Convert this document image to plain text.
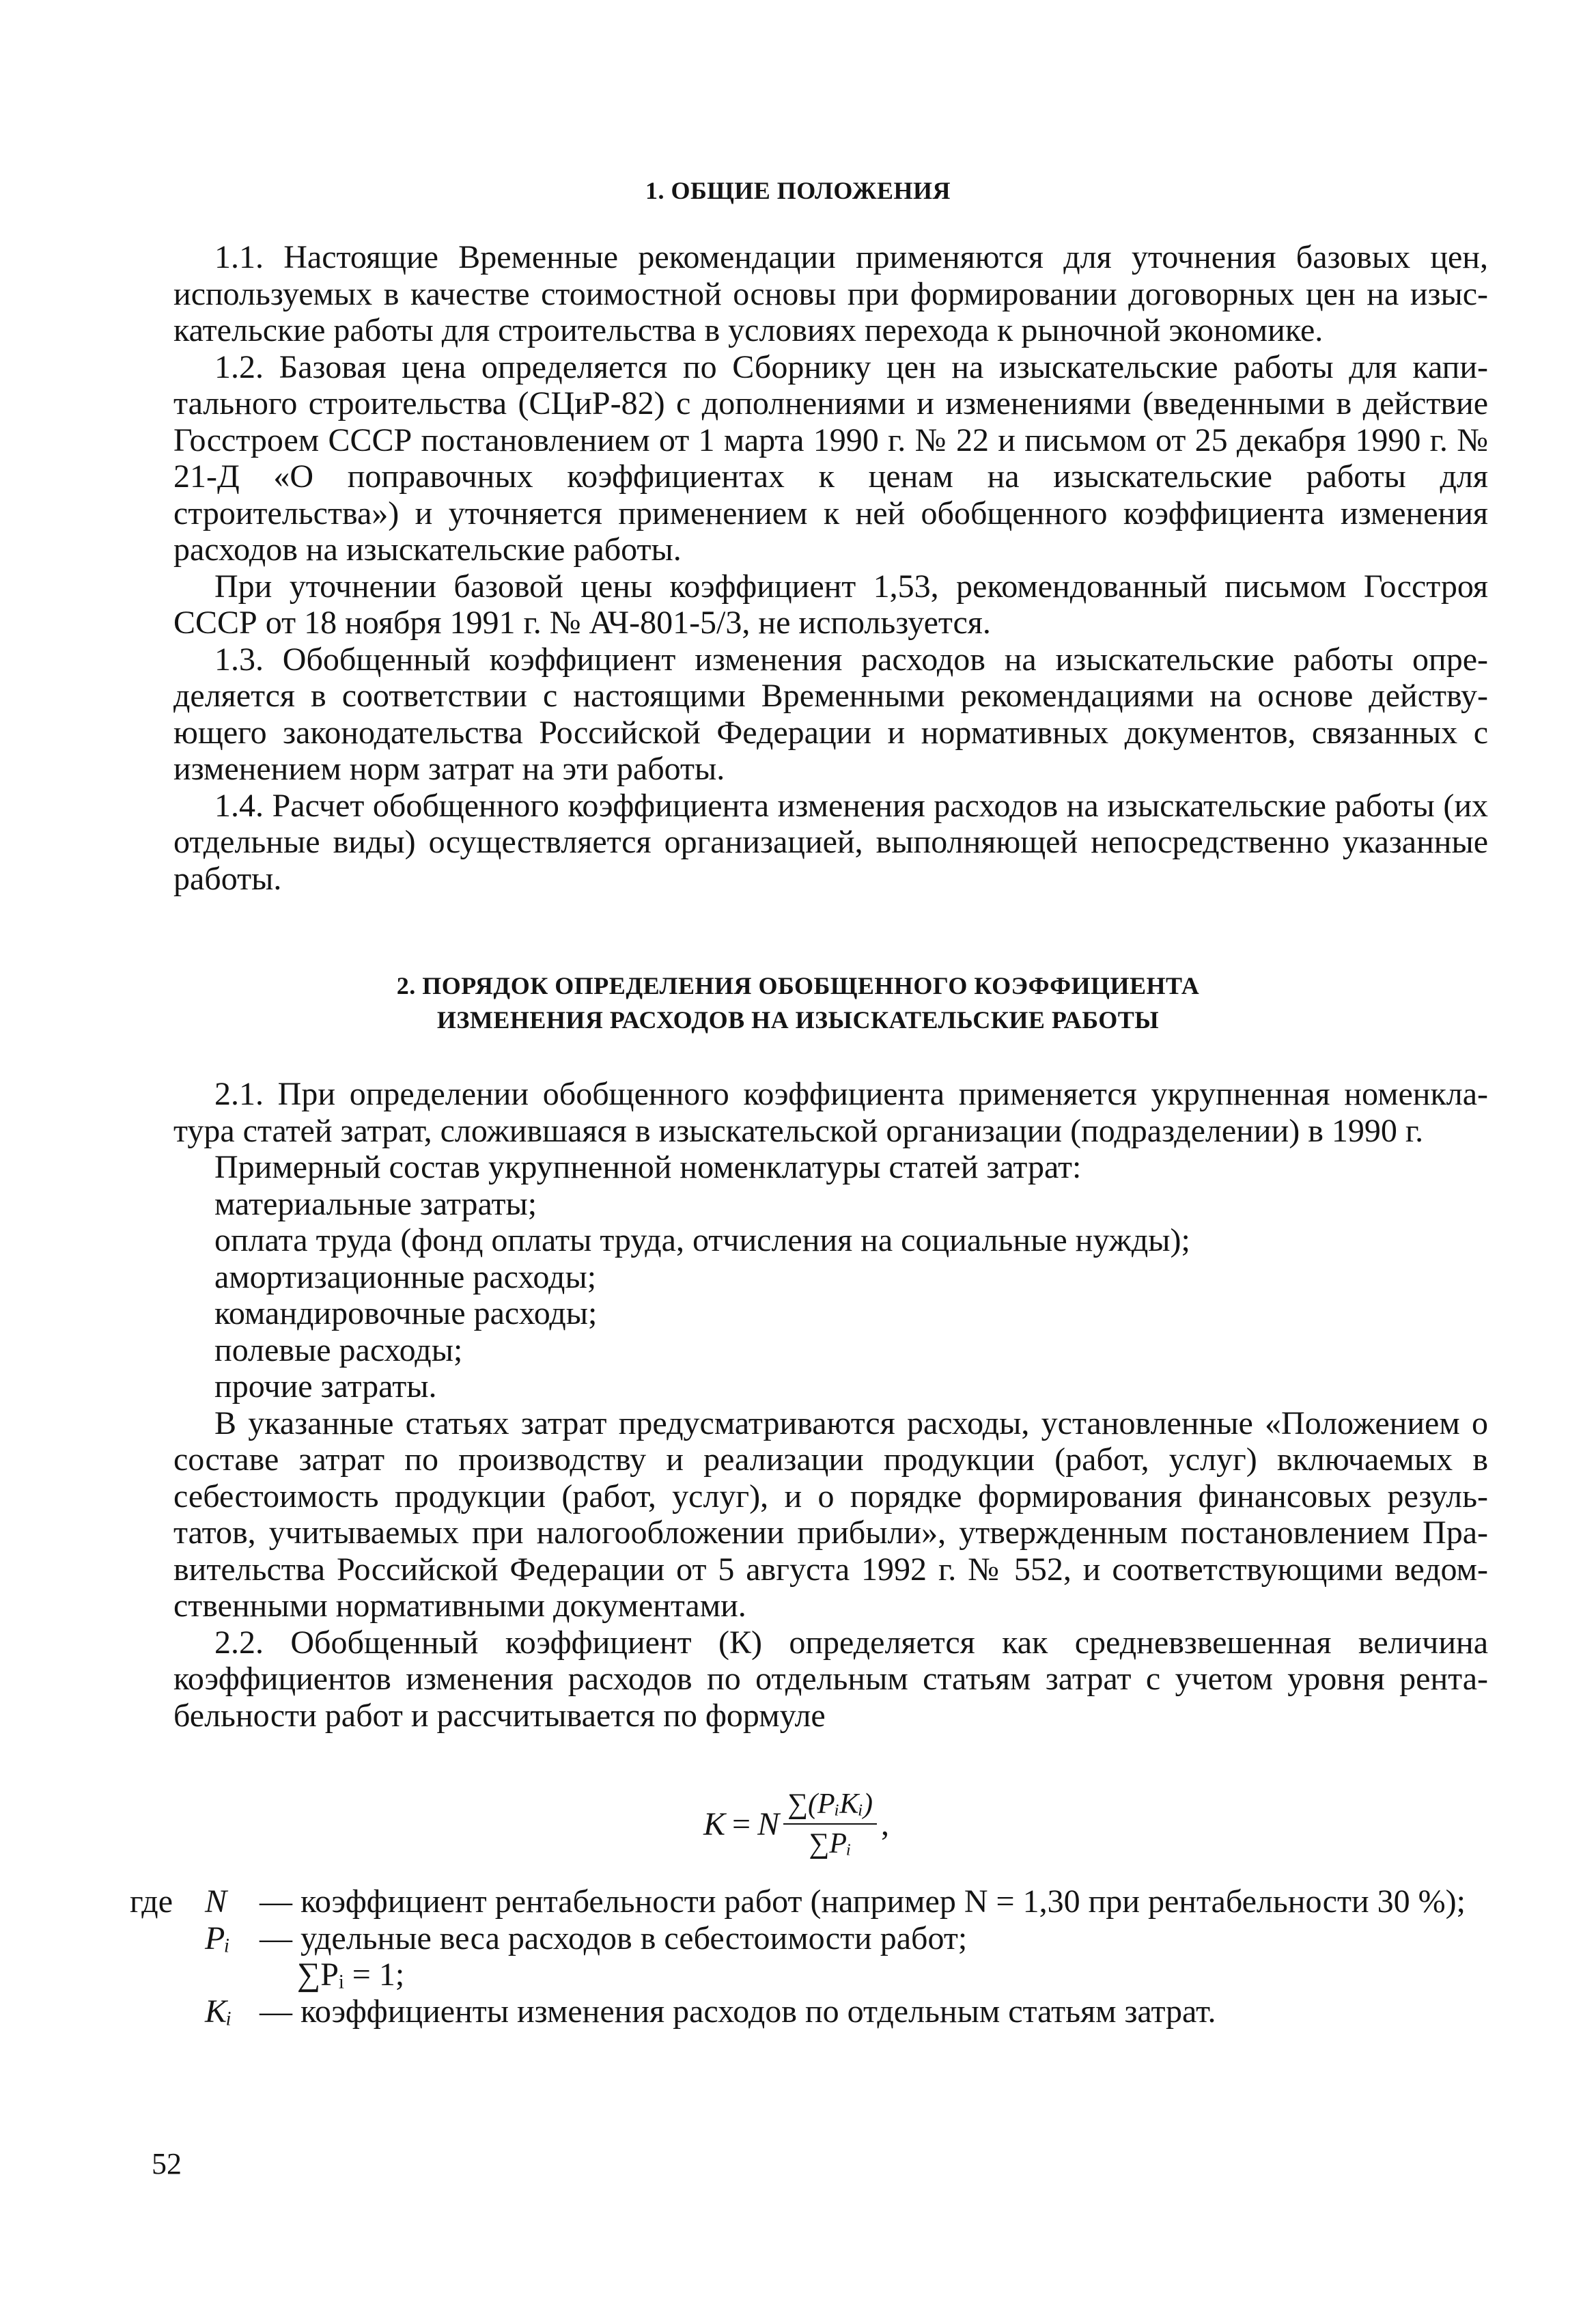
1. ОБЩИЕ ПОЛОЖЕНИЯ

1.1. Настоящие Временные рекомендации применяются для уточнения базовых цен, используемых в качестве стоимостной основы при формировании договорных цен на изыскательские работы для строительства в условиях перехода к рыночной экономике.

1.2. Базовая цена определяется по Сборнику цен на изыскательские работы для капитального строительства (СЦиР-82) с дополнениями и изменениями (введенными в действие Госстроем СССР постановлением от 1 марта 1990 г. № 22 и письмом от 25 декабря 1990 г. № 21-Д «О поправочных коэффициентах к ценам на изыскательские работы для строительства») и уточняется применением к ней обобщенного коэффициента изменения расходов на изыскательские работы.

При уточнении базовой цены коэффициент 1,53, рекомендованный письмом Госстроя СССР от 18 ноября 1991 г. № АЧ-801-5/3, не используется.

1.3. Обобщенный коэффициент изменения расходов на изыскательские работы определяется в соответствии с настоящими Временными рекомендациями на основе действующего законодательства Российской Федерации и нормативных документов, связанных с изменением норм затрат на эти работы.

1.4. Расчет обобщенного коэффициента изменения расходов на изыскательские работы (их отдельные виды) осуществляется организацией, выполняющей непосредственно указанные работы.

2. ПОРЯДОК ОПРЕДЕЛЕНИЯ ОБОБЩЕННОГО КОЭФФИЦИЕНТА
ИЗМЕНЕНИЯ РАСХОДОВ НА ИЗЫСКАТЕЛЬСКИЕ РАБОТЫ

2.1. При определении обобщенного коэффициента применяется укрупненная номенклатура статей затрат, сложившаяся в изыскательской организации (подразделении) в 1990 г.

Примерный состав укрупненной номенклатуры статей затрат:

материальные затраты;

оплата труда (фонд оплаты труда, отчисления на социальные нужды);

амортизационные расходы;

командировочные расходы;

полевые расходы;

прочие затраты.

В указанные статьях затрат предусматриваются расходы, установленные «Положением о составе затрат по производству и реализации продукции (работ, услуг) включаемых в себестоимость продукции (работ, услуг), и о порядке формирования финансовых результатов, учитываемых при налогообложении прибыли», утвержденным постановлением Правительства Российской Федерации от 5 августа 1992 г. № 552, и соответствующими ведомственными нормативными документами.

2.2. Обобщенный коэффициент (К) определяется как средневзвешенная величина коэффициентов изменения расходов по отдельным статьям затрат с учетом уровня рентабельности работ и рассчитывается по формуле

K = N $\frac{\text{∑(PᵢKᵢ)}}{\text{∑Pᵢ}}$ ,
где N — коэффициент рентабельности работ (например N = 1,30 при рентабельности 30 %);
Pᵢ — удельные веса расходов в себестоимости работ;
∑Pᵢ = 1;
Kᵢ — коэффициенты изменения расходов по отдельным статьям затрат.
52
